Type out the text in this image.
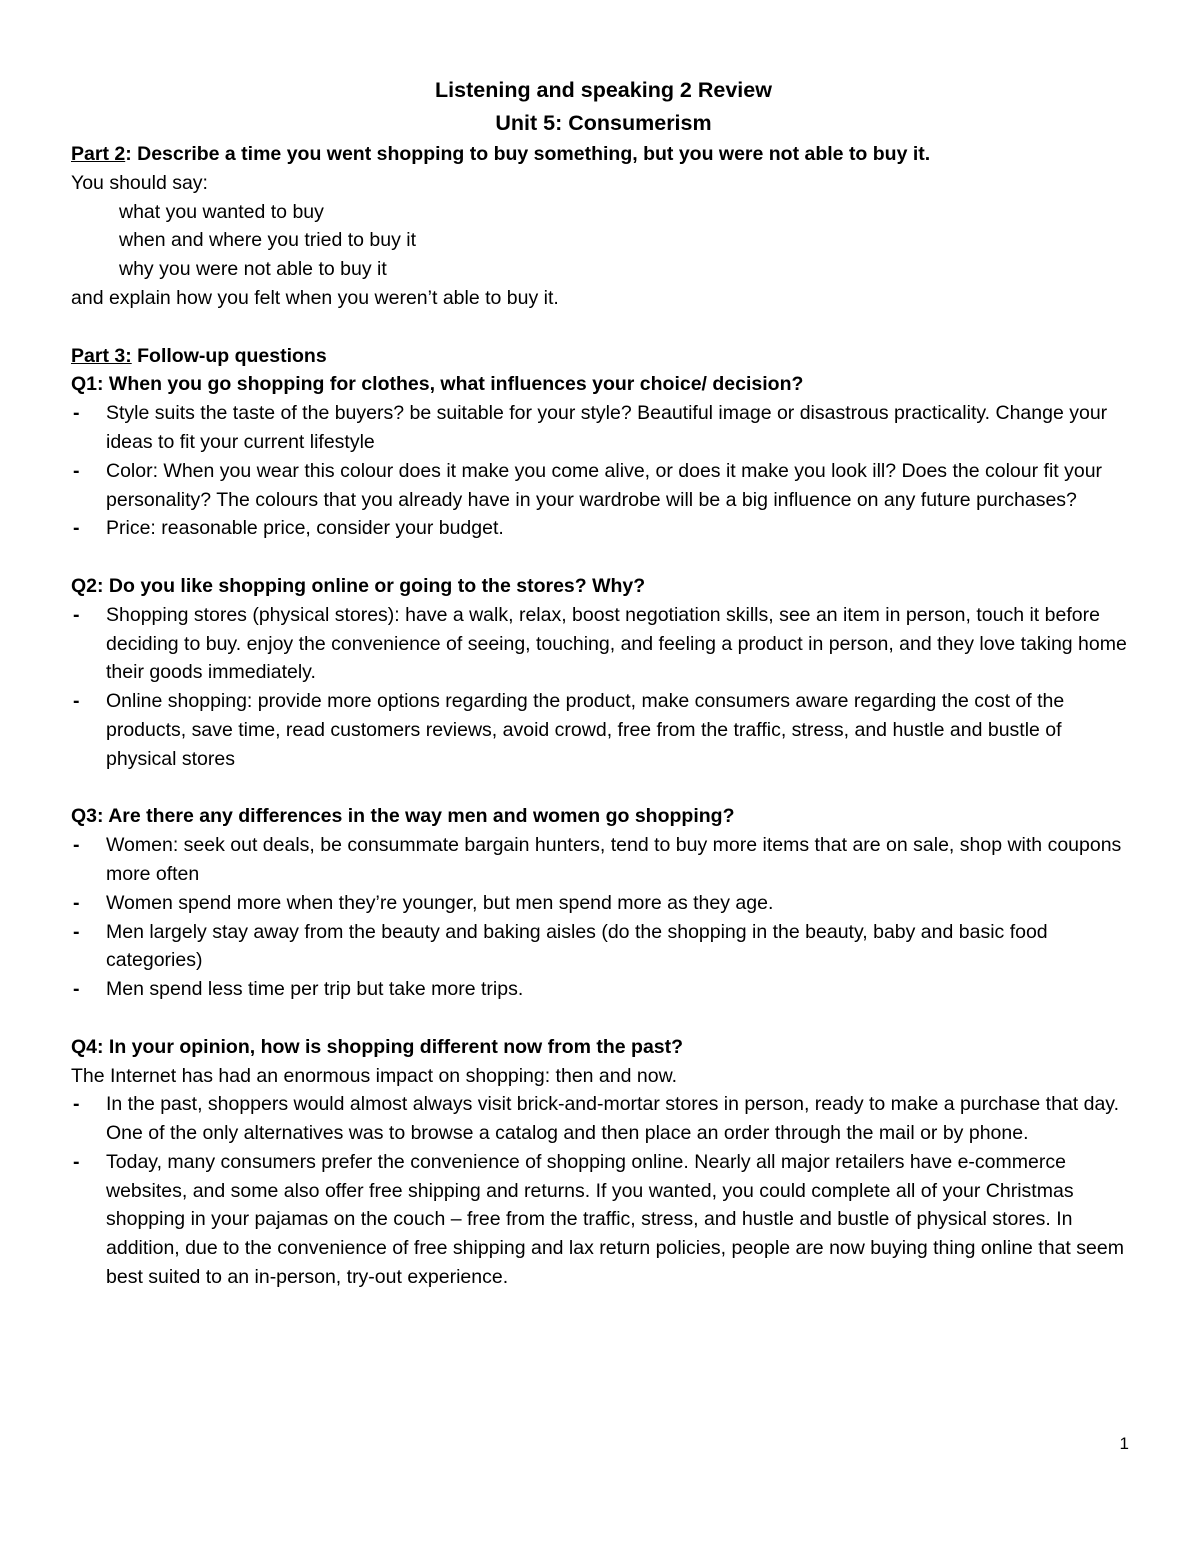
Listening and speaking 2 Review
Unit 5: Consumerism
Part 2: Describe a time you went shopping to buy something, but you were not able to buy it.
You should say:
what you wanted to buy
when and where you tried to buy it
why you were not able to buy it
and explain how you felt when you weren’t able to buy it.
Part 3: Follow-up questions
Q1: When you go shopping for clothes, what influences your choice/ decision?
- Style suits the taste of the buyers? be suitable for your style? Beautiful image or disastrous practicality. Change your ideas to fit your current lifestyle
- Color: When you wear this colour does it make you come alive, or does it make you look ill? Does the colour fit your personality? The colours that you already have in your wardrobe will be a big influence on any future purchases?
- Price: reasonable price, consider your budget.
Q2: Do you like shopping online or going to the stores? Why?
- Shopping stores (physical stores): have a walk, relax, boost negotiation skills, see an item in person, touch it before deciding to buy. enjoy the convenience of seeing, touching, and feeling a product in person, and they love taking home their goods immediately.
- Online shopping: provide more options regarding the product, make consumers aware regarding the cost of the products, save time, read customers reviews, avoid crowd, free from the traffic, stress, and hustle and bustle of physical stores
Q3: Are there any differences in the way men and women go shopping?
- Women: seek out deals, be consummate bargain hunters, tend to buy more items that are on sale, shop with coupons more often
- Women spend more when they’re younger, but men spend more as they age.
- Men largely stay away from the beauty and baking aisles (do the shopping in the beauty, baby and basic food categories)
- Men spend less time per trip but take more trips.
Q4: In your opinion, how is shopping different now from the past?
The Internet has had an enormous impact on shopping: then and now.
- In the past, shoppers would almost always visit brick-and-mortar stores in person, ready to make a purchase that day. One of the only alternatives was to browse a catalog and then place an order through the mail or by phone.
- Today, many consumers prefer the convenience of shopping online. Nearly all major retailers have e-commerce websites, and some also offer free shipping and returns. If you wanted, you could complete all of your Christmas shopping in your pajamas on the couch – free from the traffic, stress, and hustle and bustle of physical stores. In addition, due to the convenience of free shipping and lax return policies, people are now buying thing online that seem best suited to an in-person, try-out experience.
1
